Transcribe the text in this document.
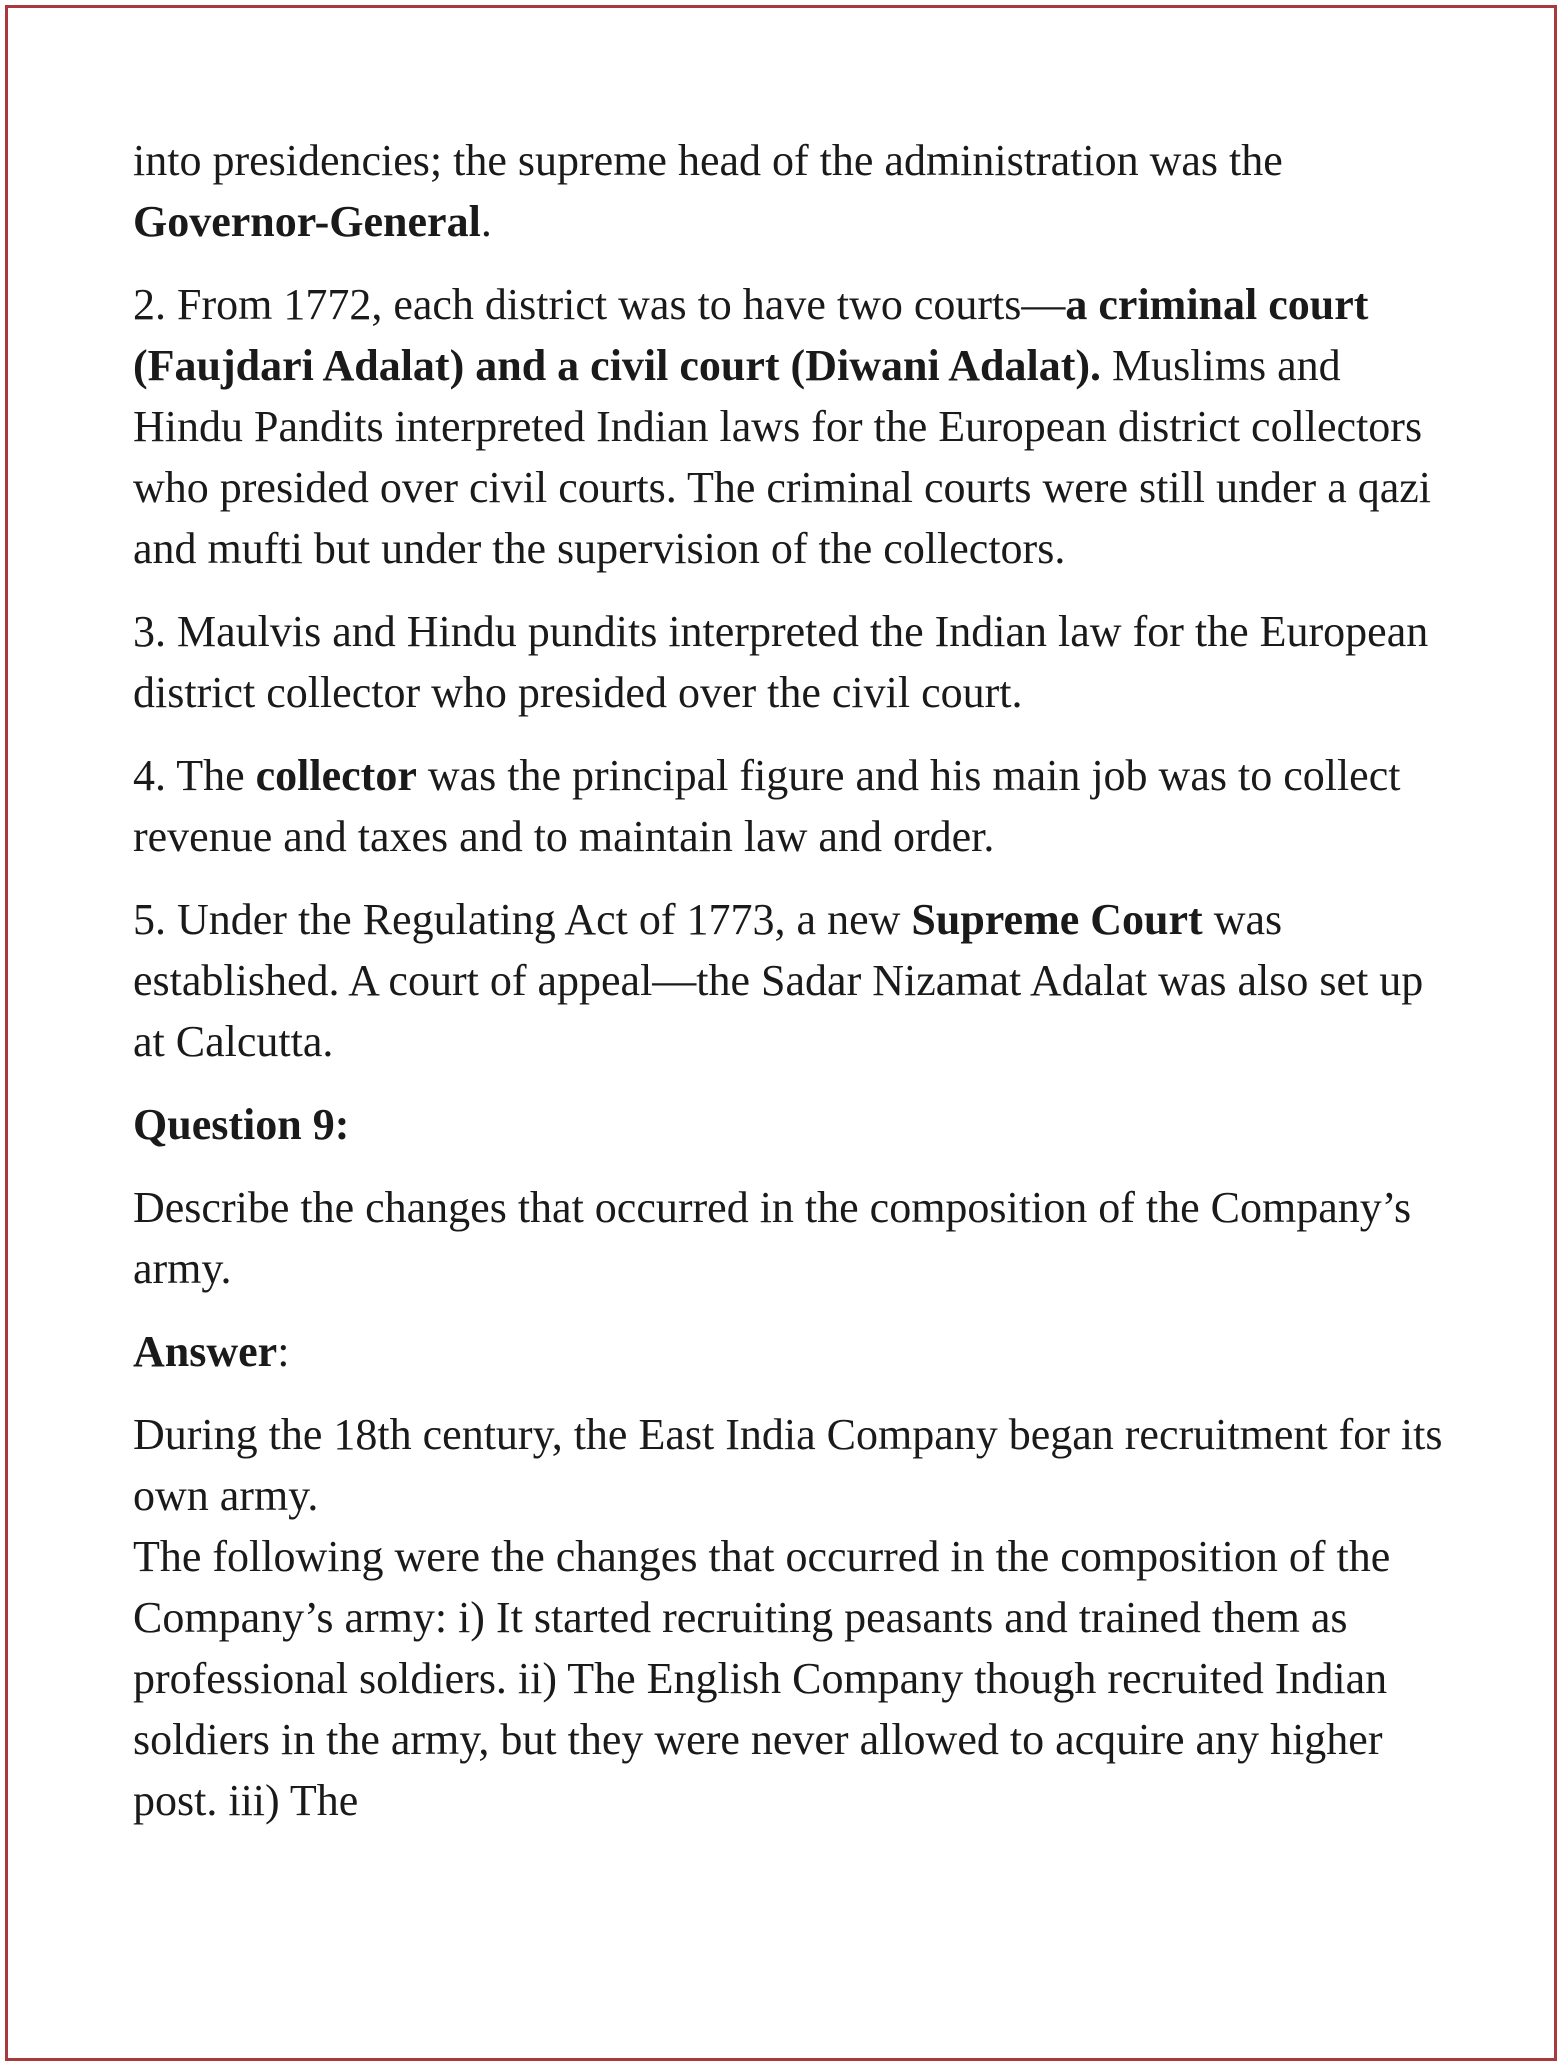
into presidencies; the supreme head of the administration was the Governor-General.

2. From 1772, each district was to have two courts—a criminal court (Faujdari Adalat) and a civil court (Diwani Adalat). Muslims and Hindu Pandits interpreted Indian laws for the European district collectors who presided over civil courts. The criminal courts were still under a qazi and mufti but under the supervision of the collectors.

3. Maulvis and Hindu pundits interpreted the Indian law for the European district collector who presided over the civil court.

4. The collector was the principal figure and his main job was to collect revenue and taxes and to maintain law and order.

5. Under the Regulating Act of 1773, a new Supreme Court was established. A court of appeal—the Sadar Nizamat Adalat was also set up at Calcutta.

Question 9:

Describe the changes that occurred in the composition of the Company’s army.

Answer:

During the 18th century, the East India Company began recruitment for its own army.

The following were the changes that occurred in the composition of the Company’s army: i) It started recruiting peasants and trained them as professional soldiers. ii) The English Company though recruited Indian soldiers in the army, but they were never allowed to acquire any higher post. iii) The
